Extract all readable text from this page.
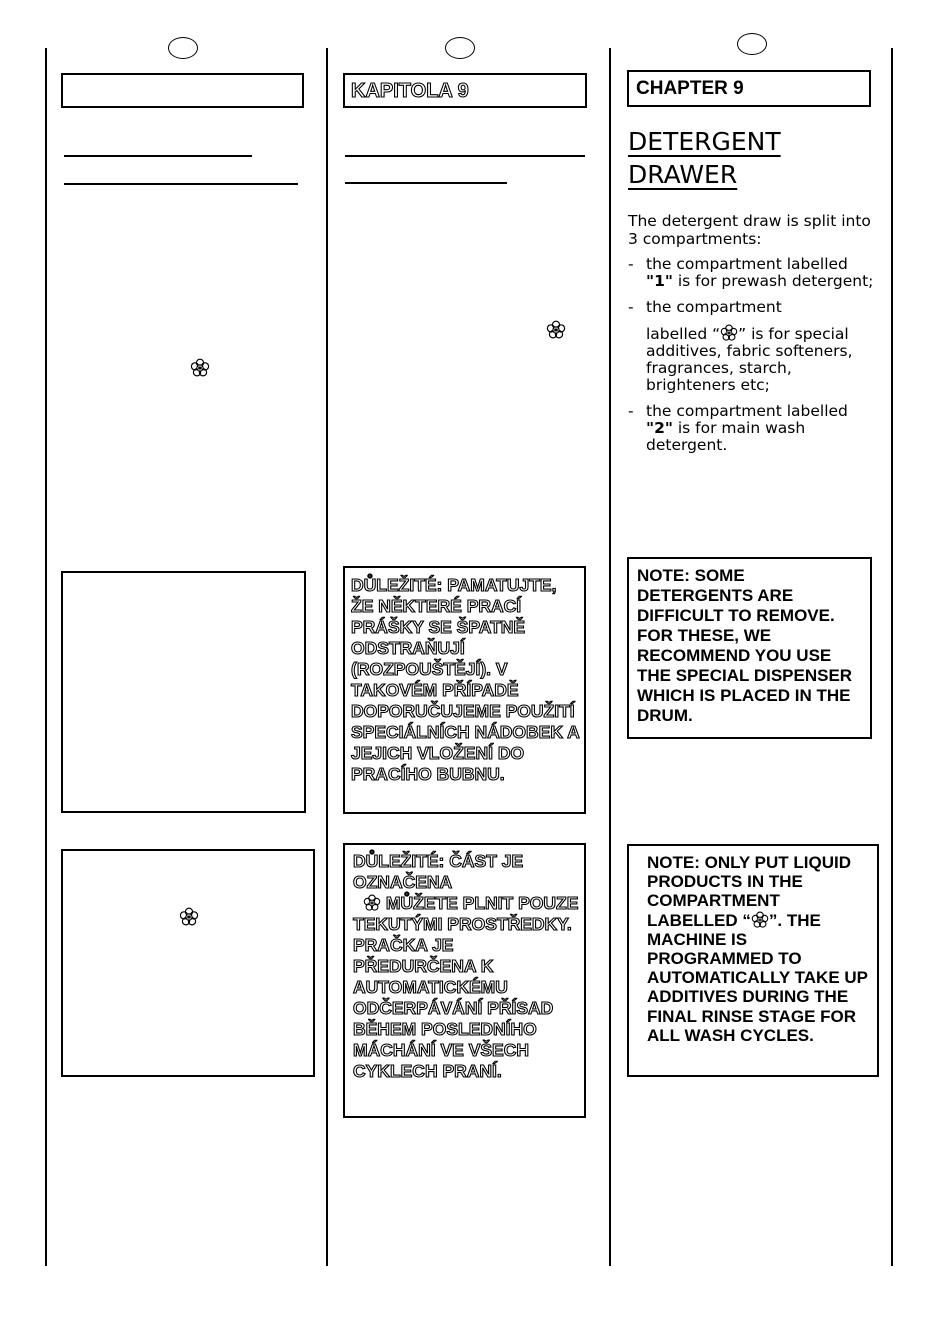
KAPITOLA 9
DŮLEŽITÉ: PAMATUJTE, ŽE NĚKTERÉ PRACÍ PRÁŠKY SE ŠPATNĚ ODSTRAŇUJÍ (ROZPOUŠTĚJÍ). V TAKOVÉM PŘÍPADĚ DOPORUČUJEME POUŽITÍ SPECIÁLNÍCH NÁDOBEK A JEJICH VLOŽENÍ DO PRACÍHO BUBNU.
DŮLEŽITÉ: ČÁST JE OZNAČENA
MŮŽETE PLNIT POUZE TEKUTÝMI PROSTŘEDKY. PRAČKA JE PŘEDURČENA K AUTOMATICKÉMU ODČERPÁVÁNÍ PŘÍSAD BĚHEM POSLEDNÍHO MÁCHÁNÍ VE VŠECH CYKLECH PRANÍ.
CHAPTER 9
DETERGENT
DRAWER
The detergent draw is split into 3 compartments:
- the compartment labelled "1" is for prewash detergent;
- the compartment
labelled “ ” is for special additives, fabric softeners, fragrances, starch, brighteners etc;
- the compartment labelled "2" is for main wash detergent.
NOTE: SOME DETERGENTS ARE DIFFICULT TO REMOVE. FOR THESE, WE RECOMMEND YOU USE THE SPECIAL DISPENSER WHICH IS PLACED IN THE DRUM.
NOTE: ONLY PUT LIQUID PRODUCTS IN THE COMPARTMENT
LABELLED “ ”. THE MACHINE IS PROGRAMMED TO AUTOMATICALLY TAKE UP ADDITIVES DURING THE FINAL RINSE STAGE FOR ALL WASH CYCLES.
